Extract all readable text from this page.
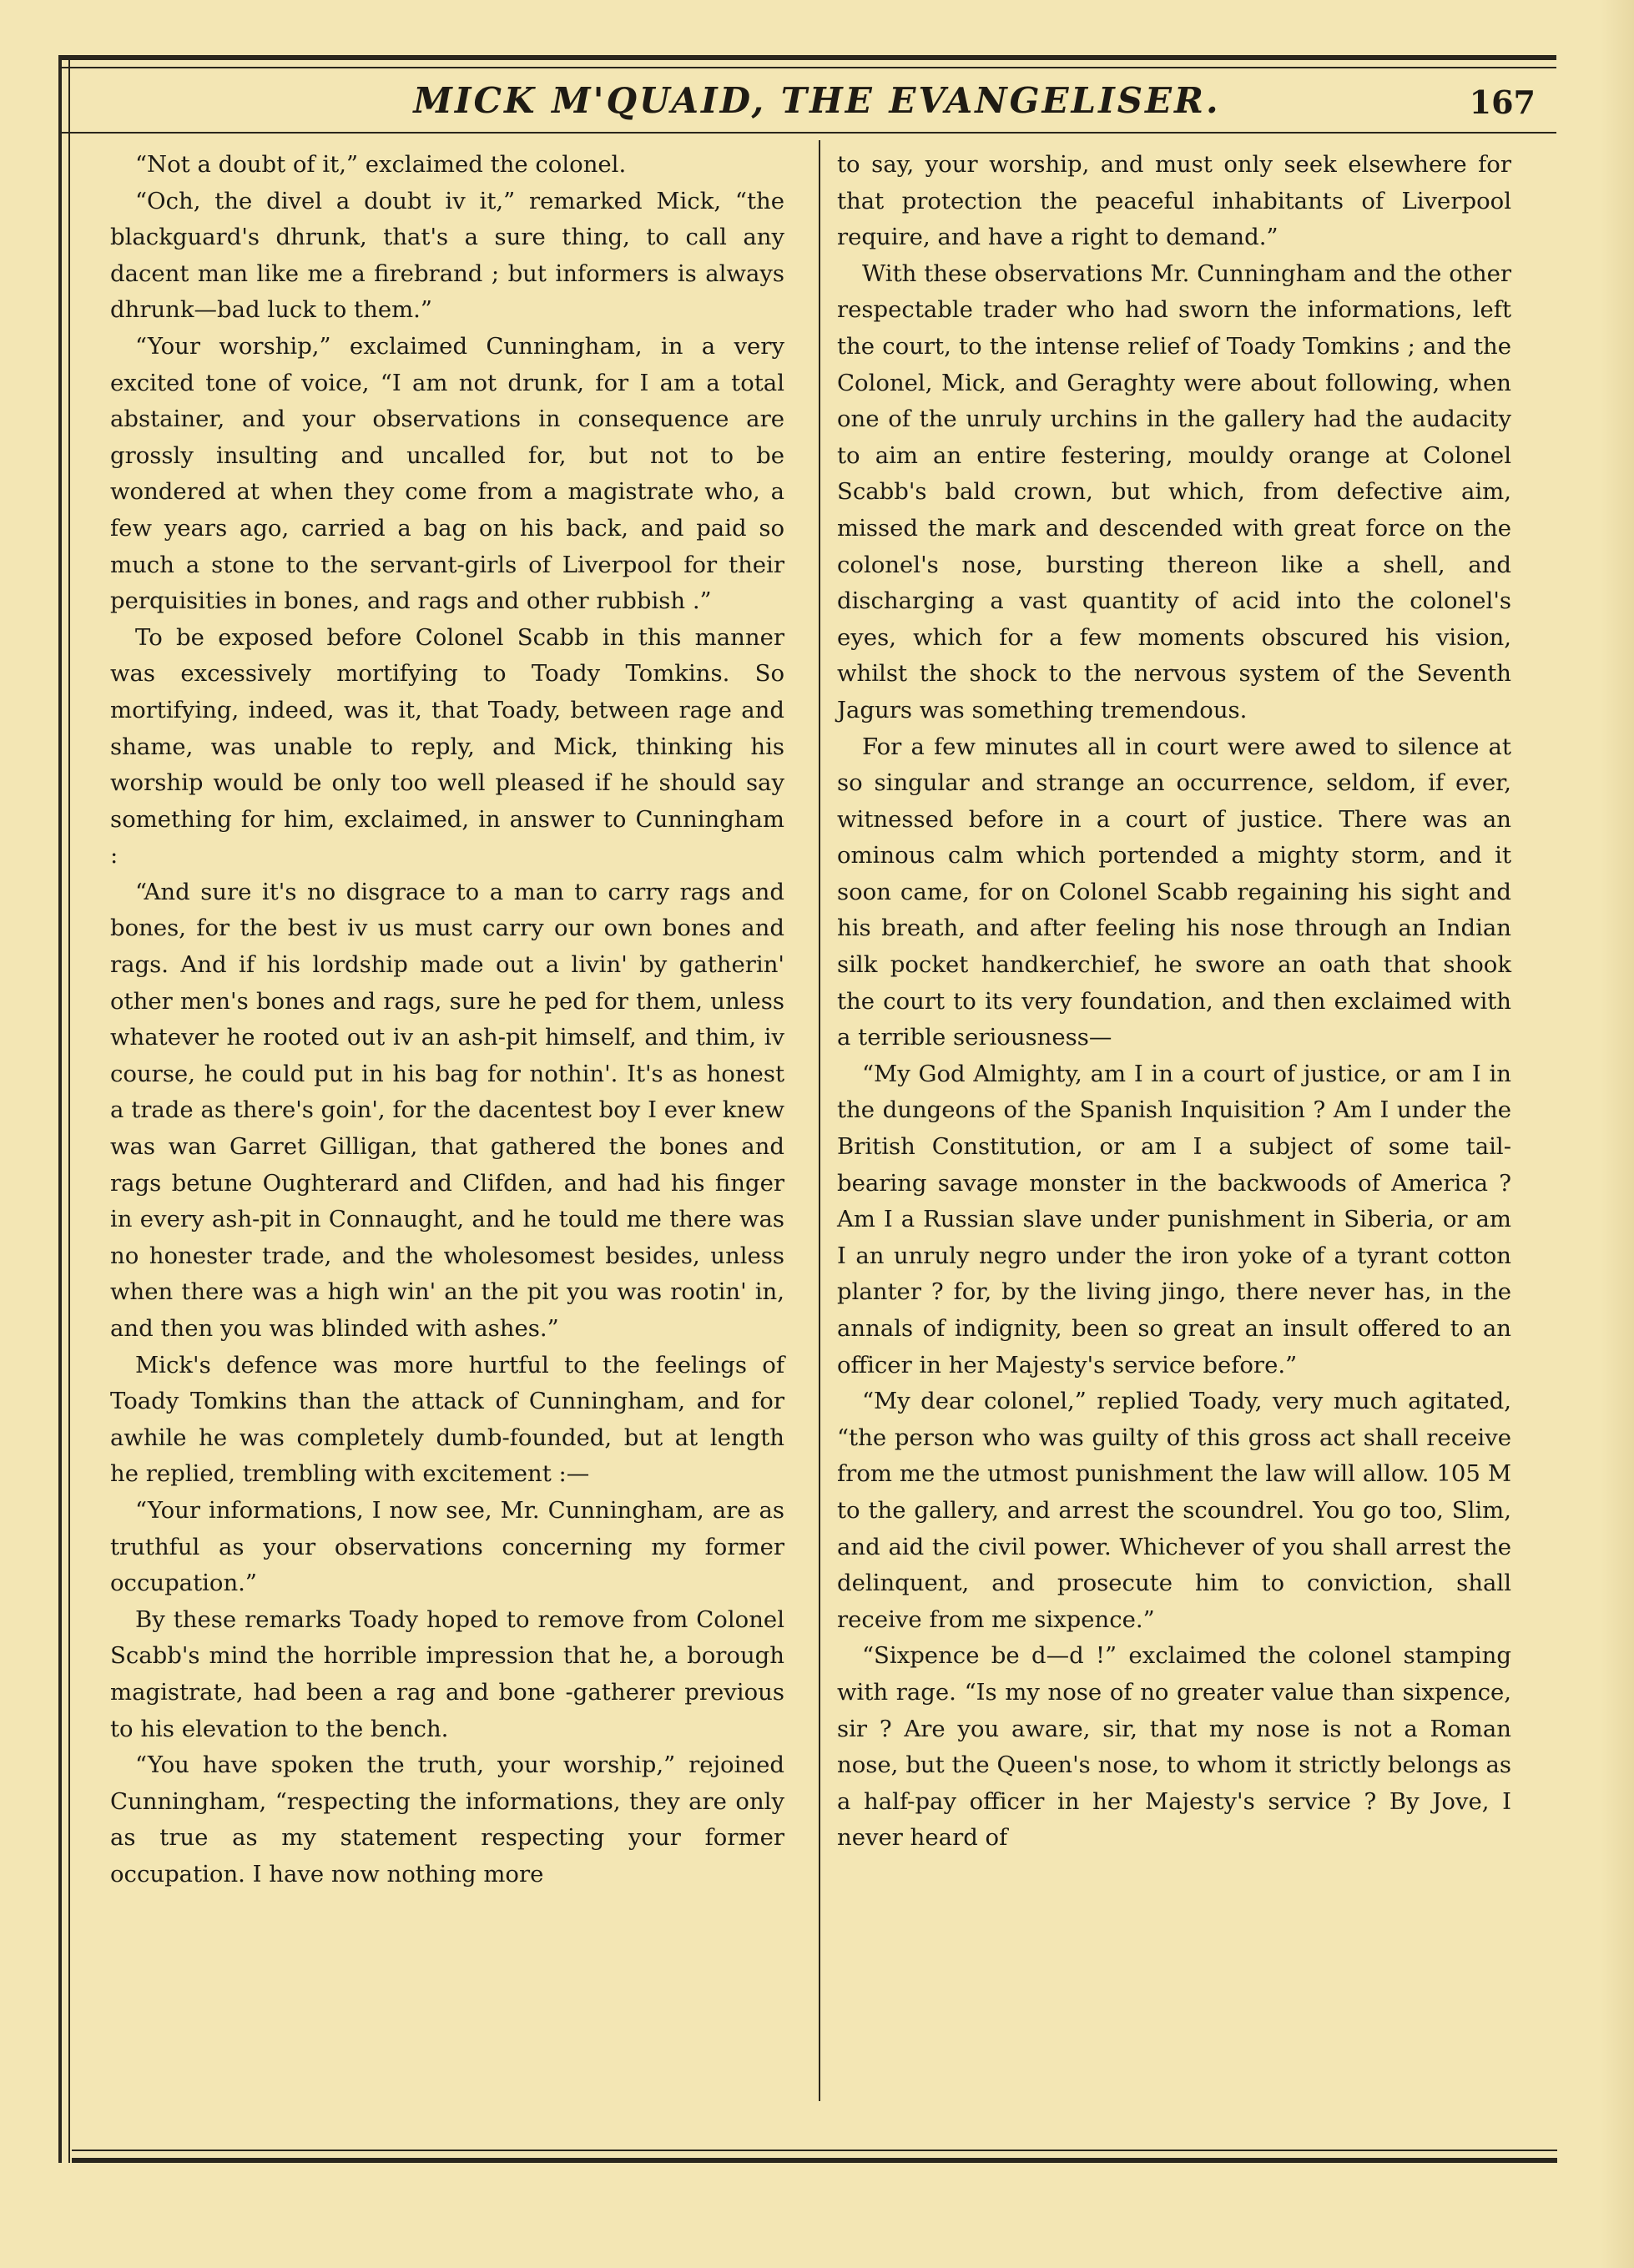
MICK M'QUAID, THE EVANGELISER.	167

“Not a doubt of it,” exclaimed the colonel.

“Och, the divel a doubt iv it,” remarked Mick, “the blackguard's dhrunk, that's a sure thing, to call any dacent man like me a firebrand ; but informers is always dhrunk—bad luck to them.”

“Your worship,” exclaimed Cunningham, in a very excited tone of voice, “I am not drunk, for I am a total abstainer, and your observations in consequence are grossly insulting and uncalled for, but not to be wondered at when they come from a magistrate who, a few years ago, carried a bag on his back, and paid so much a stone to the servant-girls of Liverpool for their perquisities in bones, and rags and other rubbish .”

To be exposed before Colonel Scabb in this manner was excessively mortifying to Toady Tomkins. So mortifying, indeed, was it, that Toady, between rage and shame, was unable to reply, and Mick, thinking his worship would be only too well pleased if he should say something for him, exclaimed, in answer to Cunningham :

“And sure it's no disgrace to a man to carry rags and bones, for the best iv us must carry our own bones and rags. And if his lordship made out a livin' by gatherin' other men's bones and rags, sure he ped for them, unless whatever he rooted out iv an ash-pit himself, and thim, iv course, he could put in his bag for nothin'. It's as honest a trade as there's goin', for the dacentest boy I ever knew was wan Garret Gilligan, that gathered the bones and rags betune Oughterard and Clifden, and had his finger in every ash-pit in Connaught, and he tould me there was no honester trade, and the wholesomest besides, unless when there was a high win' an the pit you was rootin' in, and then you was blinded with ashes.”

Mick's defence was more hurtful to the feelings of Toady Tomkins than the attack of Cunningham, and for awhile he was completely dumb-founded, but at length he replied, trembling with excitement :—

“Your informations, I now see, Mr. Cunningham, are as truthful as your observations concerning my former occupation.”

By these remarks Toady hoped to remove from Colonel Scabb's mind the horrible impression that he, a borough magistrate, had been a rag and bone -gatherer previous to his elevation to the bench.

“You have spoken the truth, your worship,” rejoined Cunningham, “respecting the informations, they are only as true as my statement respecting your former occupation. I have now nothing more

to say, your worship, and must only seek elsewhere for that protection the peaceful inhabitants of Liverpool require, and have a right to demand.”

With these observations Mr. Cunningham and the other respectable trader who had sworn the informations, left the court, to the intense relief of Toady Tomkins ; and the Colonel, Mick, and Geraghty were about following, when one of the unruly urchins in the gallery had the audacity to aim an entire festering, mouldy orange at Colonel Scabb's bald crown, but which, from defective aim, missed the mark and descended with great force on the colonel's nose, bursting thereon like a shell, and discharging a vast quantity of acid into the colonel's eyes, which for a few moments obscured his vision, whilst the shock to the nervous system of the Seventh Jagurs was something tremendous.

For a few minutes all in court were awed to silence at so singular and strange an occurrence, seldom, if ever, witnessed before in a court of justice. There was an ominous calm which portended a mighty storm, and it soon came, for on Colonel Scabb regaining his sight and his breath, and after feeling his nose through an Indian silk pocket handkerchief, he swore an oath that shook the court to its very foundation, and then exclaimed with a terrible seriousness—

“My God Almighty, am I in a court of justice, or am I in the dungeons of the Spanish Inquisition ? Am I under the British Constitution, or am I a subject of some tail-bearing savage monster in the backwoods of America ? Am I a Russian slave under punishment in Siberia, or am I an unruly negro under the iron yoke of a tyrant cotton planter ? for, by the living jingo, there never has, in the annals of indignity, been so great an insult offered to an officer in her Majesty's service before.”

“My dear colonel,” replied Toady, very much agitated, “the person who was guilty of this gross act shall receive from me the utmost punishment the law will allow. 105 M to the gallery, and arrest the scoundrel. You go too, Slim, and aid the civil power. Whichever of you shall arrest the delinquent, and prosecute him to conviction, shall receive from me sixpence.”

“Sixpence be d—d !” exclaimed the colonel stamping with rage. “Is my nose of no greater value than sixpence, sir ? Are you aware, sir, that my nose is not a Roman nose, but the Queen's nose, to whom it strictly belongs as a half-pay officer in her Majesty's service ? By Jove, I never heard of
